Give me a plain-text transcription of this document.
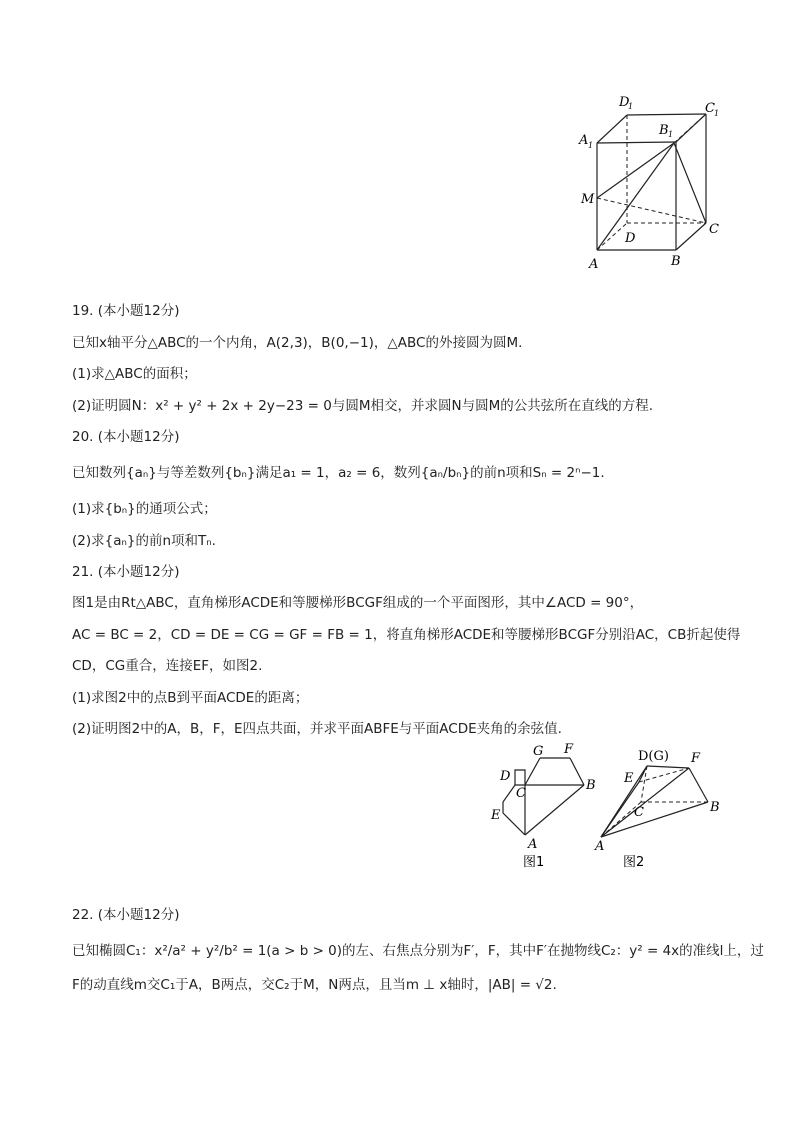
D
1	C 1
A 1
B 1
M
D
C
A	B
19. (本小题12分)
已知x轴平分△ABC的一个内角，A(2,3)，B(0,−1)，△ABC的外接圆为圆M.
(1)求△ABC的面积；
(2)证明圆N：x² + y² + 2x + 2y−23 = 0与圆M相交，并求圆N与圆M的公共弦所在直线的方程.
20. (本小题12分)
已知数列{aₙ}与等差数列{bₙ}满足a₁ = 1，a₂ = 6，数列{aₙ/bₙ}的前n项和Sₙ = 2ⁿ−1.
(1)求{bₙ}的通项公式；
(2)求{aₙ}的前n项和Tₙ.
21. (本小题12分)
图1是由Rt△ABC，直角梯形ACDE和等腰梯形BCGF组成的一个平面图形，其中∠ACD = 90°，
AC = BC = 2，CD = DE = CG = GF = FB = 1，将直角梯形ACDE和等腰梯形BCGF分别沿AC，CB折起使得
CD，CG重合，连接EF，如图2.
(1)求图2中的点B到平面ACDE的距离；
(2)证明图2中的A，B，F，E四点共面，并求平面ABFE与平面ACDE夹角的余弦值.
G F
D
C
B
E
A
图1
D(G) F
E
C	B
A
图2
22. (本小题12分)
已知椭圆C₁：x²/a² + y²/b² = 1(a > b > 0)的左、右焦点分别为F′，F，其中F′在抛物线C₂：y² = 4x的准线l上，过
F的动直线m交C₁于A，B两点，交C₂于M，N两点，且当m ⊥ x轴时，|AB| = √2.
